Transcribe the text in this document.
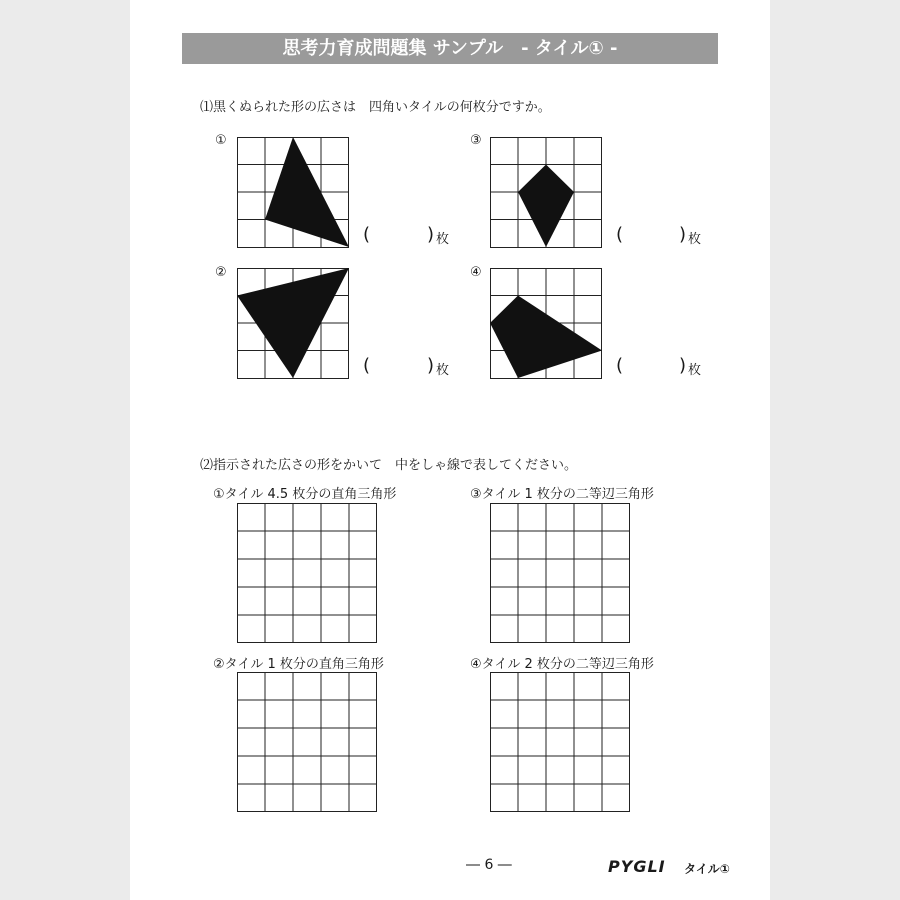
思考力育成問題集 サンプル　- タイル① -
⑴黒くぬられた形の広さは　四角いタイルの何枚分ですか。
①
(	) 枚
②
(	) 枚
③
(	) 枚
④
(	) 枚
⑵指示された広さの形をかいて　中をしゃ線で表してください。
①タイル 4.5 枚分の直角三角形
②タイル 1 枚分の直角三角形
③タイル 1 枚分の二等辺三角形
④タイル 2 枚分の二等辺三角形
― 6 ―	PYGLI タイル①
